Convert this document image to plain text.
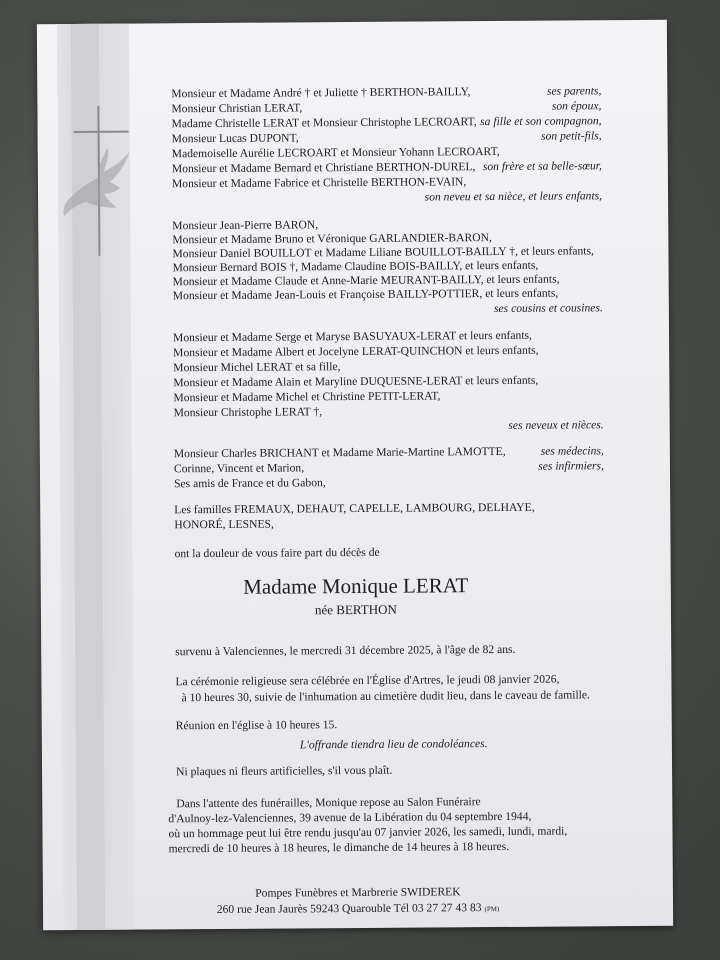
Monsieur et Madame André † et Juliette † BERTHON-BAILLY,	ses parents,
Monsieur Christian LERAT,	son époux,
Madame Christelle LERAT et Monsieur Christophe LECROART, sa fille et son compagnon,
Monsieur Lucas DUPONT,	son petit-fils,
Mademoiselle Aurélie LECROART et Monsieur Yohann LECROART,
Monsieur et Madame Bernard et Christiane BERTHON-DUREL, son frère et sa belle-sœur,
Monsieur et Madame Fabrice et Christelle BERTHON-EVAIN,
son neveu et sa nièce, et leurs enfants,
Monsieur Jean-Pierre BARON,
Monsieur et Madame Bruno et Véronique GARLANDIER-BARON,
Monsieur Daniel BOUILLOT et Madame Liliane BOUILLOT-BAILLY †, et leurs enfants,
Monsieur Bernard BOIS †, Madame Claudine BOIS-BAILLY, et leurs enfants,
Monsieur et Madame Claude et Anne-Marie MEURANT-BAILLY, et leurs enfants,
Monsieur et Madame Jean-Louis et Françoise BAILLY-POTTIER, et leurs enfants,
ses cousins et cousines.
Monsieur et Madame Serge et Maryse BASUYAUX-LERAT et leurs enfants,
Monsieur et Madame Albert et Jocelyne LERAT-QUINCHON et leurs enfants,
Monsieur Michel LERAT et sa fille,
Monsieur et Madame Alain et Maryline DUQUESNE-LERAT et leurs enfants,
Monsieur et Madame Michel et Christine PETIT-LERAT,
Monsieur Christophe LERAT †,
ses neveux et nièces.
Monsieur Charles BRICHANT et Madame Marie-Martine LAMOTTE,	ses médecins,
Corinne, Vincent et Marion,	ses infirmiers,
Ses amis de France et du Gabon,
Les familles FREMAUX, DEHAUT, CAPELLE, LAMBOURG, DELHAYE,
HONORÉ, LESNES,
ont la douleur de vous faire part du décès de
Madame Monique LERAT
née BERTHON
survenu à Valenciennes, le mercredi 31 décembre 2025, à l'âge de 82 ans.
La cérémonie religieuse sera célébrée en l'Église d'Artres, le jeudi 08 janvier 2026,
à 10 heures 30, suivie de l'inhumation au cimetière dudit lieu, dans le caveau de famille.
Réunion en l'église à 10 heures 15.
L'offrande tiendra lieu de condoléances.
Ni plaques ni fleurs artificielles, s'il vous plaît.
Dans l'attente des funérailles, Monique repose au Salon Funéraire
d'Aulnoy-lez-Valenciennes, 39 avenue de la Libération du 04 septembre 1944,
où un hommage peut lui être rendu jusqu'au 07 janvier 2026, les samedi, lundi, mardi,
mercredi de 10 heures à 18 heures, le dimanche de 14 heures à 18 heures.
Pompes Funèbres et Marbrerie SWIDEREK
260 rue Jean Jaurès 59243 Quarouble Tél 03 27 27 43 83 (PM)
